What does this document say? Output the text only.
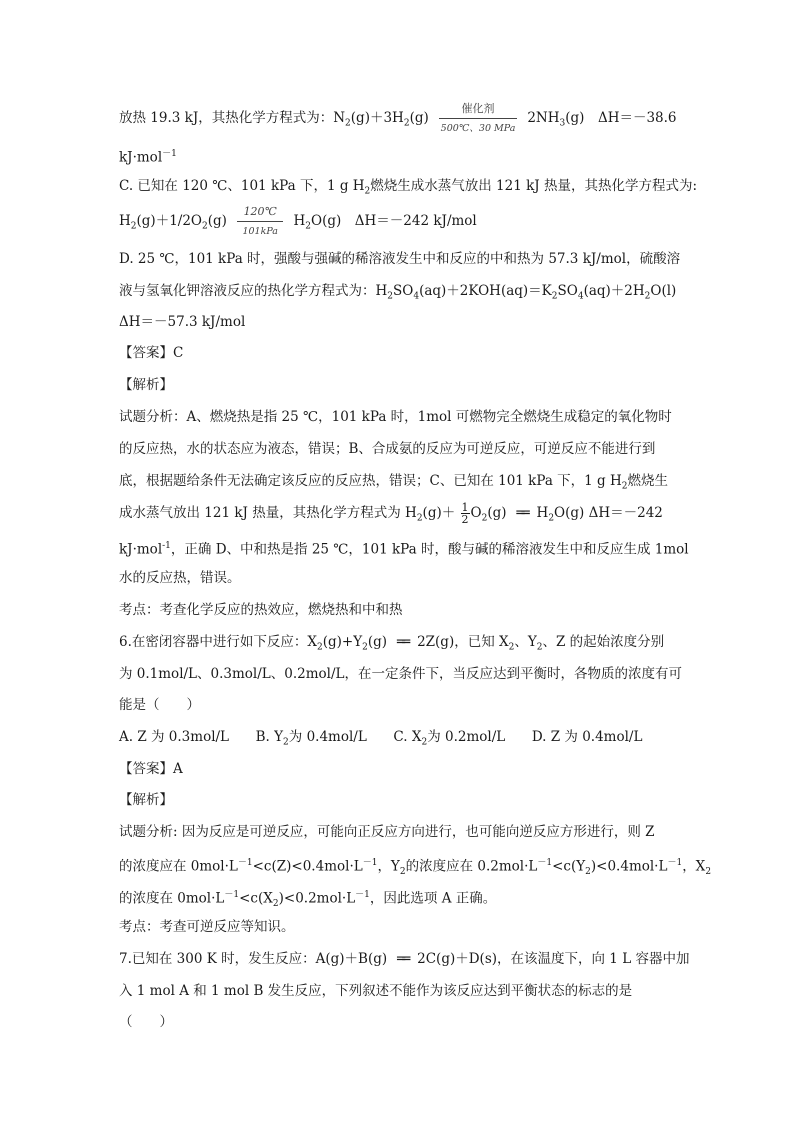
放热 19.3 kJ，其热化学方程式为：$N_2(g)+3H_2(g)$
催化剂
500℃、30 MPa
$2NH_3(g)$　ΔH＝－38.6
kJ·mol$^{-1}$
C. 已知在 120 ℃、101 kPa 下，1 g $H_2$燃烧生成水蒸气放出 121 kJ 热量，其热化学方程式为:
$H_2(g)+1/2O_2(g)$
120℃
101kPa
$H_2O(g)$　ΔH＝－242 kJ/mol
D. 25 ℃，101 kPa 时，强酸与强碱的稀溶液发生中和反应的中和热为 57.3 kJ/mol，硫酸溶
液与氢氧化钾溶液反应的热化学方程式为：$H_2SO_4(aq)+2KOH(aq)=K_2SO_4(aq)+2H_2O(l)$
ΔH＝－57.3 kJ/mol
【答案】C
【解析】
试题分析：A、燃烧热是指 25 ℃，101 kPa 时，1mol 可燃物完全燃烧生成稳定的氧化物时
的反应热，水的状态应为液态，错误；B、合成氨的反应为可逆反应，可逆反应不能进行到
底，根据题给条件无法确定该反应的反应热，错误；C、已知在 101 kPa 下，1 g $H_2$燃烧生
成水蒸气放出 121 kJ 热量，其热化学方程式为 $H_2(g)+ \frac{1}{2} O_2(g)$ ══ $H_2O(g)$ ΔH＝－242
kJ·mol$^{-1}$，正确 D、中和热是指 25 ℃，101 kPa 时，酸与碱的稀溶液发生中和反应生成 1mol
水的反应热，错误。
考点：考查化学反应的热效应，燃烧热和中和热
6.在密闭容器中进行如下反应：$X_2(g)+Y_2(g)$ ══ 2Z(g)，已知 $X_2$、$Y_2$、Z 的起始浓度分别
为 0.1mol/L、0.3mol/L、0.2mol/L，在一定条件下，当反应达到平衡时，各物质的浓度有可
能是（　　）
A. Z 为 0.3mol/L B. $Y_2$为 0.4mol/L C. $X_2$为 0.2mol/L D. Z 为 0.4mol/L
【答案】A
【解析】
试题分析: 因为反应是可逆反应，可能向正反应方向进行，也可能向逆反应方形进行，则 Z
的浓度应在 $0mol\cdot L^{-1}<c(Z)<0.4mol\cdot L^{-1}$，$Y_2$的浓度应在 $0.2mol\cdot L^{-1}<c(Y_2)<0.4mol\cdot L^{-1}$，$X_2$
的浓度在 $0mol\cdot L^{-1}<c(X_2)<0.2mol\cdot L^{-1}$，因此选项 A 正确。
考点：考查可逆反应等知识。
7.已知在 300 K 时，发生反应：A(g)＋B(g) ══ 2C(g)＋D(s)，在该温度下，向 1 L 容器中加
入 1 mol A 和 1 mol B 发生反应，下列叙述不能作为该反应达到平衡状态的标志的是
（　　）
